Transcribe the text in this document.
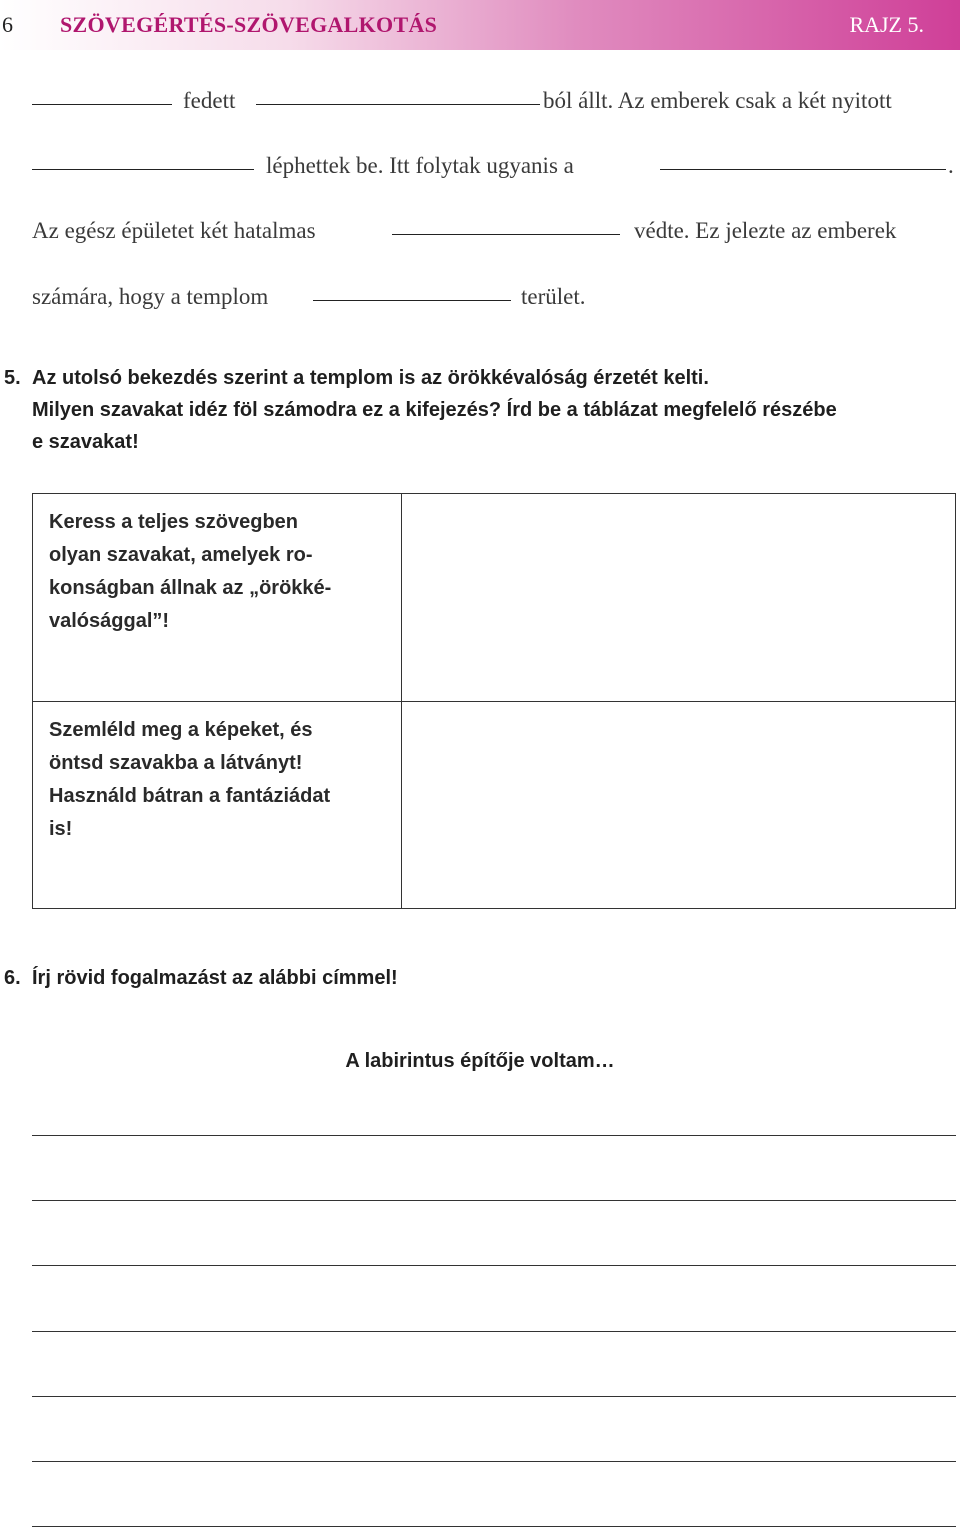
6 SZÖVEGÉRTÉS-SZÖVEGALKOTÁS	RAJZ 5.
fedett	ból állt. Az emberek csak a két nyitott
léphettek be. Itt folytak ugyanis a	.
Az egész épületet két hatalmas	védte. Ez jelezte az emberek
számára, hogy a templom	terület.
5. Az utolsó bekezdés szerint a templom is az örökkévalóság érzetét kelti.
Milyen szavakat idéz föl számodra ez a kifejezés? Írd be a táblázat megfelelő részébe
e szavakat!
Keress a teljes szövegben
olyan szavakat, amelyek ro-
konságban állnak az „örökké-
valósággal”!
Szemléld meg a képeket, és
öntsd szavakba a látványt!
Használd bátran a fantáziádat
is!
6. Írj rövid fogalmazást az alábbi címmel!
A labirintus építője voltam…
